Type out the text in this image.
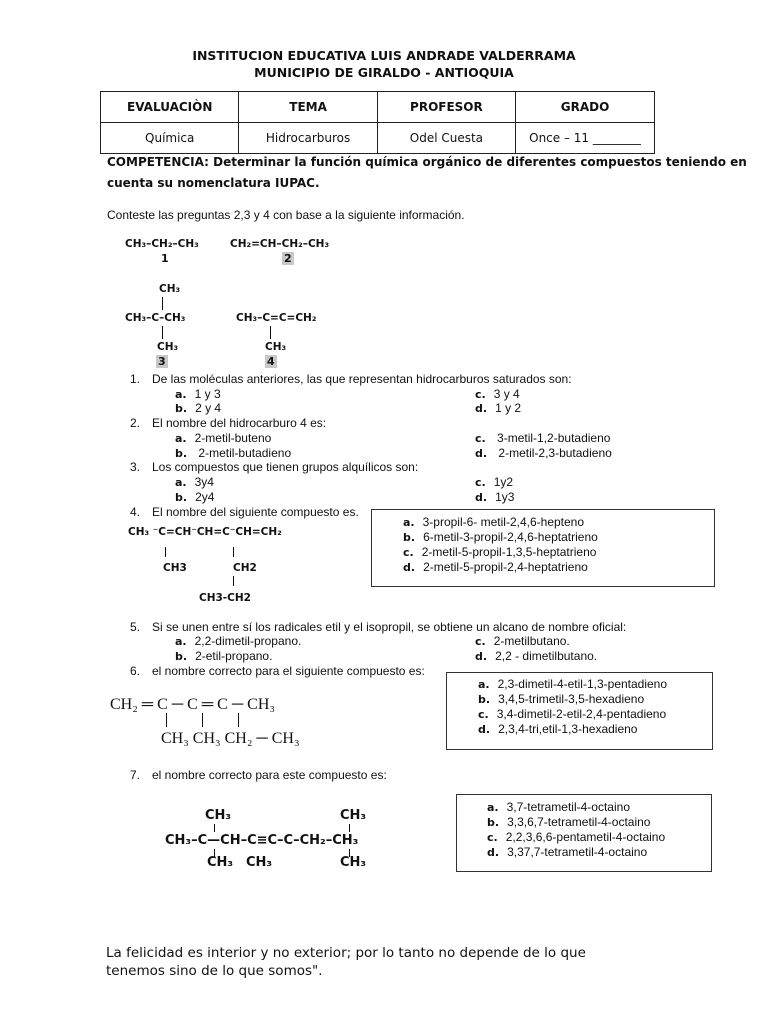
INSTITUCION EDUCATIVA LUIS ANDRADE VALDERRAMA
MUNICIPIO DE GIRALDO - ANTIOQUIA
EVALUACIÒN	TEMA	PROFESOR	GRADO
Química	Hidrocarburos	Odel Cuesta	Once – 11 ________
COMPETENCIA: Determinar la función química orgánico de diferentes compuestos teniendo en
cuenta su nomenclatura IUPAC.
Conteste las preguntas 2,3 y 4 con base a la siguiente información.
CH₃–CH₂–CH₃
1
CH₂=CH–CH₂–CH₃
2
CH₃
CH₃–C–CH₃
CH₃
3
CH₃–C=C=CH₂
CH₃
4
1. De las moléculas anteriores, las que representan hidrocarburos saturados son:
a. 1 y 3	c. 3 y 4
b. 2 y 4	d. 1 y 2
2. El nombre del hidrocarburo 4 es:
a. 2-metil-buteno	c. 3-metil-1,2-butadieno
b. 2-metil-butadieno	d. 2-metil-2,3-butadieno
3. Los compuestos que tienen grupos alquílicos son:
a. 3y4	c. 1y2
b. 2y4	d. 1y3
4. El nombre del siguiente compuesto es.
CH₃ ⁻C=CH⁻CH=C⁻CH=CH₂
CH3	CH2
CH3-CH2
a. 3-propil-6- metil-2,4,6-hepteno
b. 6-metil-3-propil-2,4,6-heptatrieno
c. 2-metil-5-propil-1,3,5-heptatrieno
d. 2-metil-5-propil-2,4-heptatrieno
5. Si se unen entre sí los radicales etil y el isopropil, se obtiene un alcano de nombre oficial:
a. 2,2-dimetil-propano.	c. 2-metilbutano.
b. 2-etil-propano.	d. 2,2 - dimetilbutano.
6. el nombre correcto para el siguiente compuesto es:
CH₂ ═ C ─ C ═ C ─ CH₃
CH₃ CH₃ CH₂ ─ CH₃
a. 2,3-dimetil-4-etil-1,3-pentadieno
b. 3,4,5-trimetil-3,5-hexadieno
c. 3,4-dimetil-2-etil-2,4-pentadieno
d. 2,3,4-tri,etil-1,3-hexadieno
7. el nombre correcto para este compuesto es:
CH₃	CH₃
CH₃–C—CH–C≡C–C–CH₂–CH₃
CH₃ CH₃	CH₃
a. 3,7-tetrametil-4-octaino
b. 3,3,6,7-tetrametil-4-octaino
c. 2,2,3,6,6-pentametil-4-octaino
d. 3,37,7-tetrametil-4-octaino
La felicidad es interior y no exterior; por lo tanto no depende de lo que
tenemos sino de lo que somos".
